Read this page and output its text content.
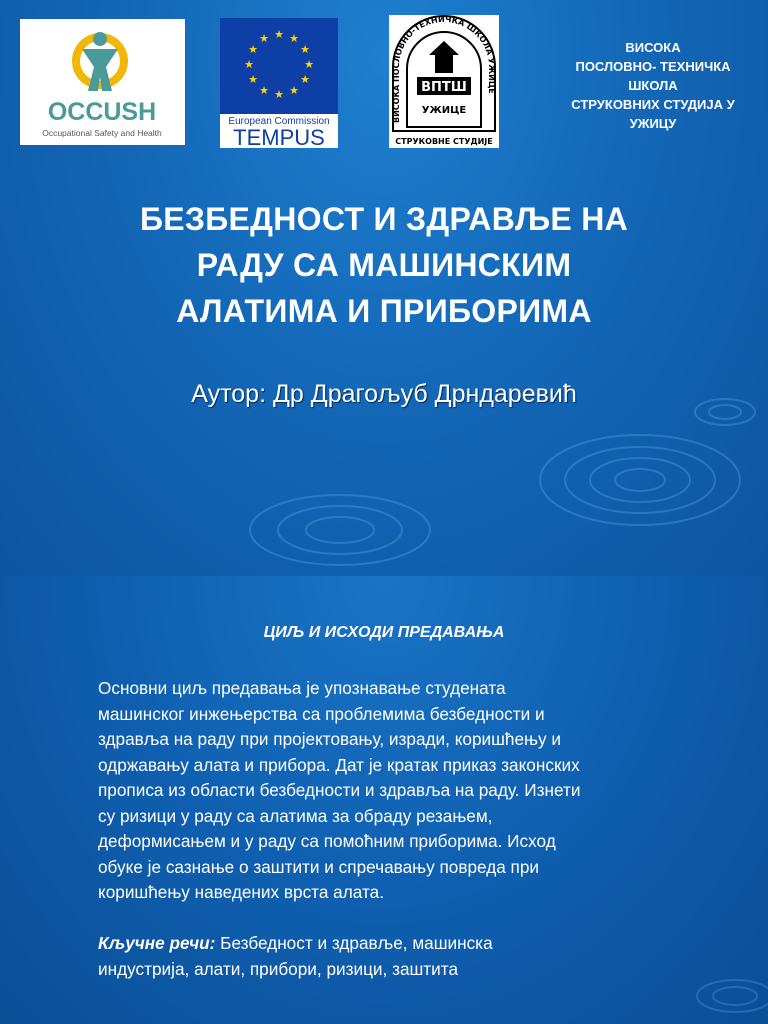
OCCUSH
Occupational Safety and Health
★ ★
★
★
★
★
★
★
★
★
★
★
European Commission
TEMPUS
ВИСОКА ПОСЛОВНО-ТЕХНИЧКА ШКОЛА УЖИЦЕ
ВПТШ
УЖИЦЕ
СТРУКОВНЕ СТУДИЈЕ
ВИСОКА
ПОСЛОВНО- ТЕХНИЧКА
ШКОЛА
СТРУКОВНИХ СТУДИЈА У
УЖИЦУ
БЕЗБЕДНОСТ И ЗДРАВЉЕ НА
РАДУ СА МАШИНСКИМ
АЛАТИМА И ПРИБОРИМА
Аутор: Др Драгољуб Дрндаревић
ЦИЉ И ИСХОДИ ПРЕДАВАЊА
Основни циљ предавања је упознавање студената
машинског инжењерства са проблемима безбедности и
здравља на раду при пројектовању, изради, коришћењу и
одржавању алата и прибора. Дат је кратак приказ законских
прописа из области безбедности и здравља на раду. Изнети
су ризици у раду са алатима за обраду резањем,
деформисањем и у раду са помоћним приборима. Исход
обуке је сазнање о заштити и спречавању повреда при
коришћењу наведених врста алата.
Кључне речи: Безбедност и здравље, машинска
индустрија, алати, прибори, ризици, заштита
